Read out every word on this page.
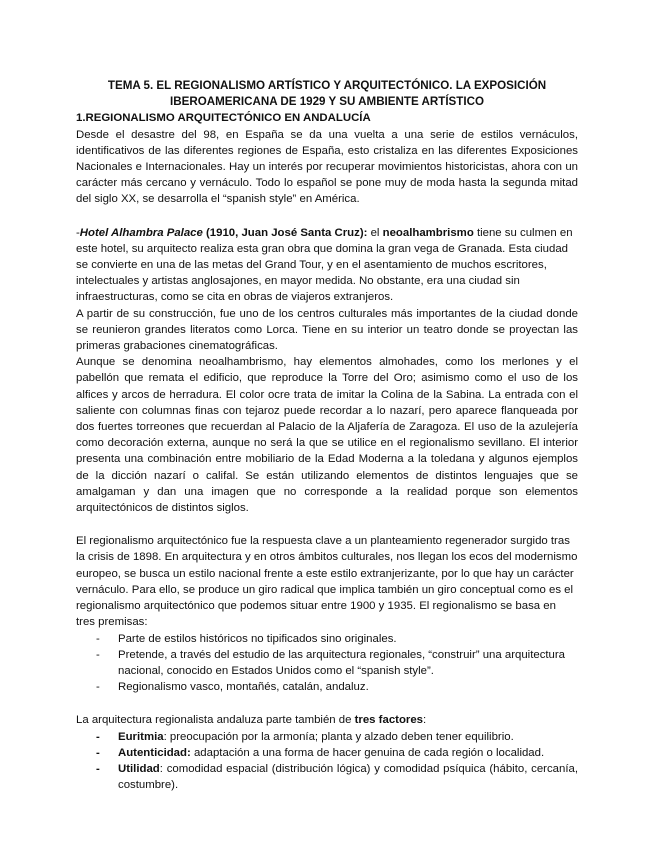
TEMA 5. EL REGIONALISMO ARTÍSTICO Y ARQUITECTÓNICO. LA EXPOSICIÓN
IBEROAMERICANA DE 1929 Y SU AMBIENTE ARTÍSTICO
1.REGIONALISMO ARQUITECTÓNICO EN ANDALUCÍA

Desde el desastre del 98, en España se da una vuelta a una serie de estilos vernáculos, identificativos de las diferentes regiones de España, esto cristaliza en las diferentes Exposiciones Nacionales e Internacionales. Hay un interés por recuperar movimientos historicistas, ahora con un carácter más cercano y vernáculo. Todo lo español se pone muy de moda hasta la segunda mitad del siglo XX, se desarrolla el “spanish style” en América.

-Hotel Alhambra Palace (1910, Juan José Santa Cruz): el neoalhambrismo tiene su culmen en este hotel, su arquitecto realiza esta gran obra que domina la gran vega de Granada. Esta ciudad se convierte en una de las metas del Grand Tour, y en el asentamiento de muchos escritores, intelectuales y artistas anglosajones, en mayor medida. No obstante, era una ciudad sin infraestructuras, como se cita en obras de viajeros extranjeros.

A partir de su construcción, fue uno de los centros culturales más importantes de la ciudad donde se reunieron grandes literatos como Lorca. Tiene en su interior un teatro donde se proyectan las primeras grabaciones cinematográficas.

Aunque se denomina neoalhambrismo, hay elementos almohades, como los merlones y el pabellón que remata el edificio, que reproduce la Torre del Oro; asimismo como el uso de los alfices y arcos de herradura. El color ocre trata de imitar la Colina de la Sabina. La entrada con el saliente con columnas finas con tejaroz puede recordar a lo nazarí, pero aparece flanqueada por dos fuertes torreones que recuerdan al Palacio de la Aljafería de Zaragoza. El uso de la azulejería como decoración externa, aunque no será la que se utilice en el regionalismo sevillano. El interior presenta una combinación entre mobiliario de la Edad Moderna a la toledana y algunos ejemplos de la dicción nazarí o califal. Se están utilizando elementos de distintos lenguajes que se amalgaman y dan una imagen que no corresponde a la realidad porque son elementos arquitectónicos de distintos siglos.

El regionalismo arquitectónico fue la respuesta clave a un planteamiento regenerador surgido tras la crisis de 1898. En arquitectura y en otros ámbitos culturales, nos llegan los ecos del modernismo europeo, se busca un estilo nacional frente a este estilo extranjerizante, por lo que hay un carácter vernáculo. Para ello, se produce un giro radical que implica también un giro conceptual como es el regionalismo arquitectónico que podemos situar entre 1900 y 1935. El regionalismo se basa en tres premisas:

- Parte de estilos históricos no tipificados sino originales.
- Pretende, a través del estudio de las arquitectura regionales, “construir” una arquitectura nacional, conocido en Estados Unidos como el “spanish style”.
- Regionalismo vasco, montañés, catalán, andaluz.

La arquitectura regionalista andaluza parte también de tres factores:

- Euritmia: preocupación por la armonía; planta y alzado deben tener equilibrio.
- Autenticidad: adaptación a una forma de hacer genuina de cada región o localidad.
- Utilidad: comodidad espacial (distribución lógica) y comodidad psíquica (hábito, cercanía, costumbre).
